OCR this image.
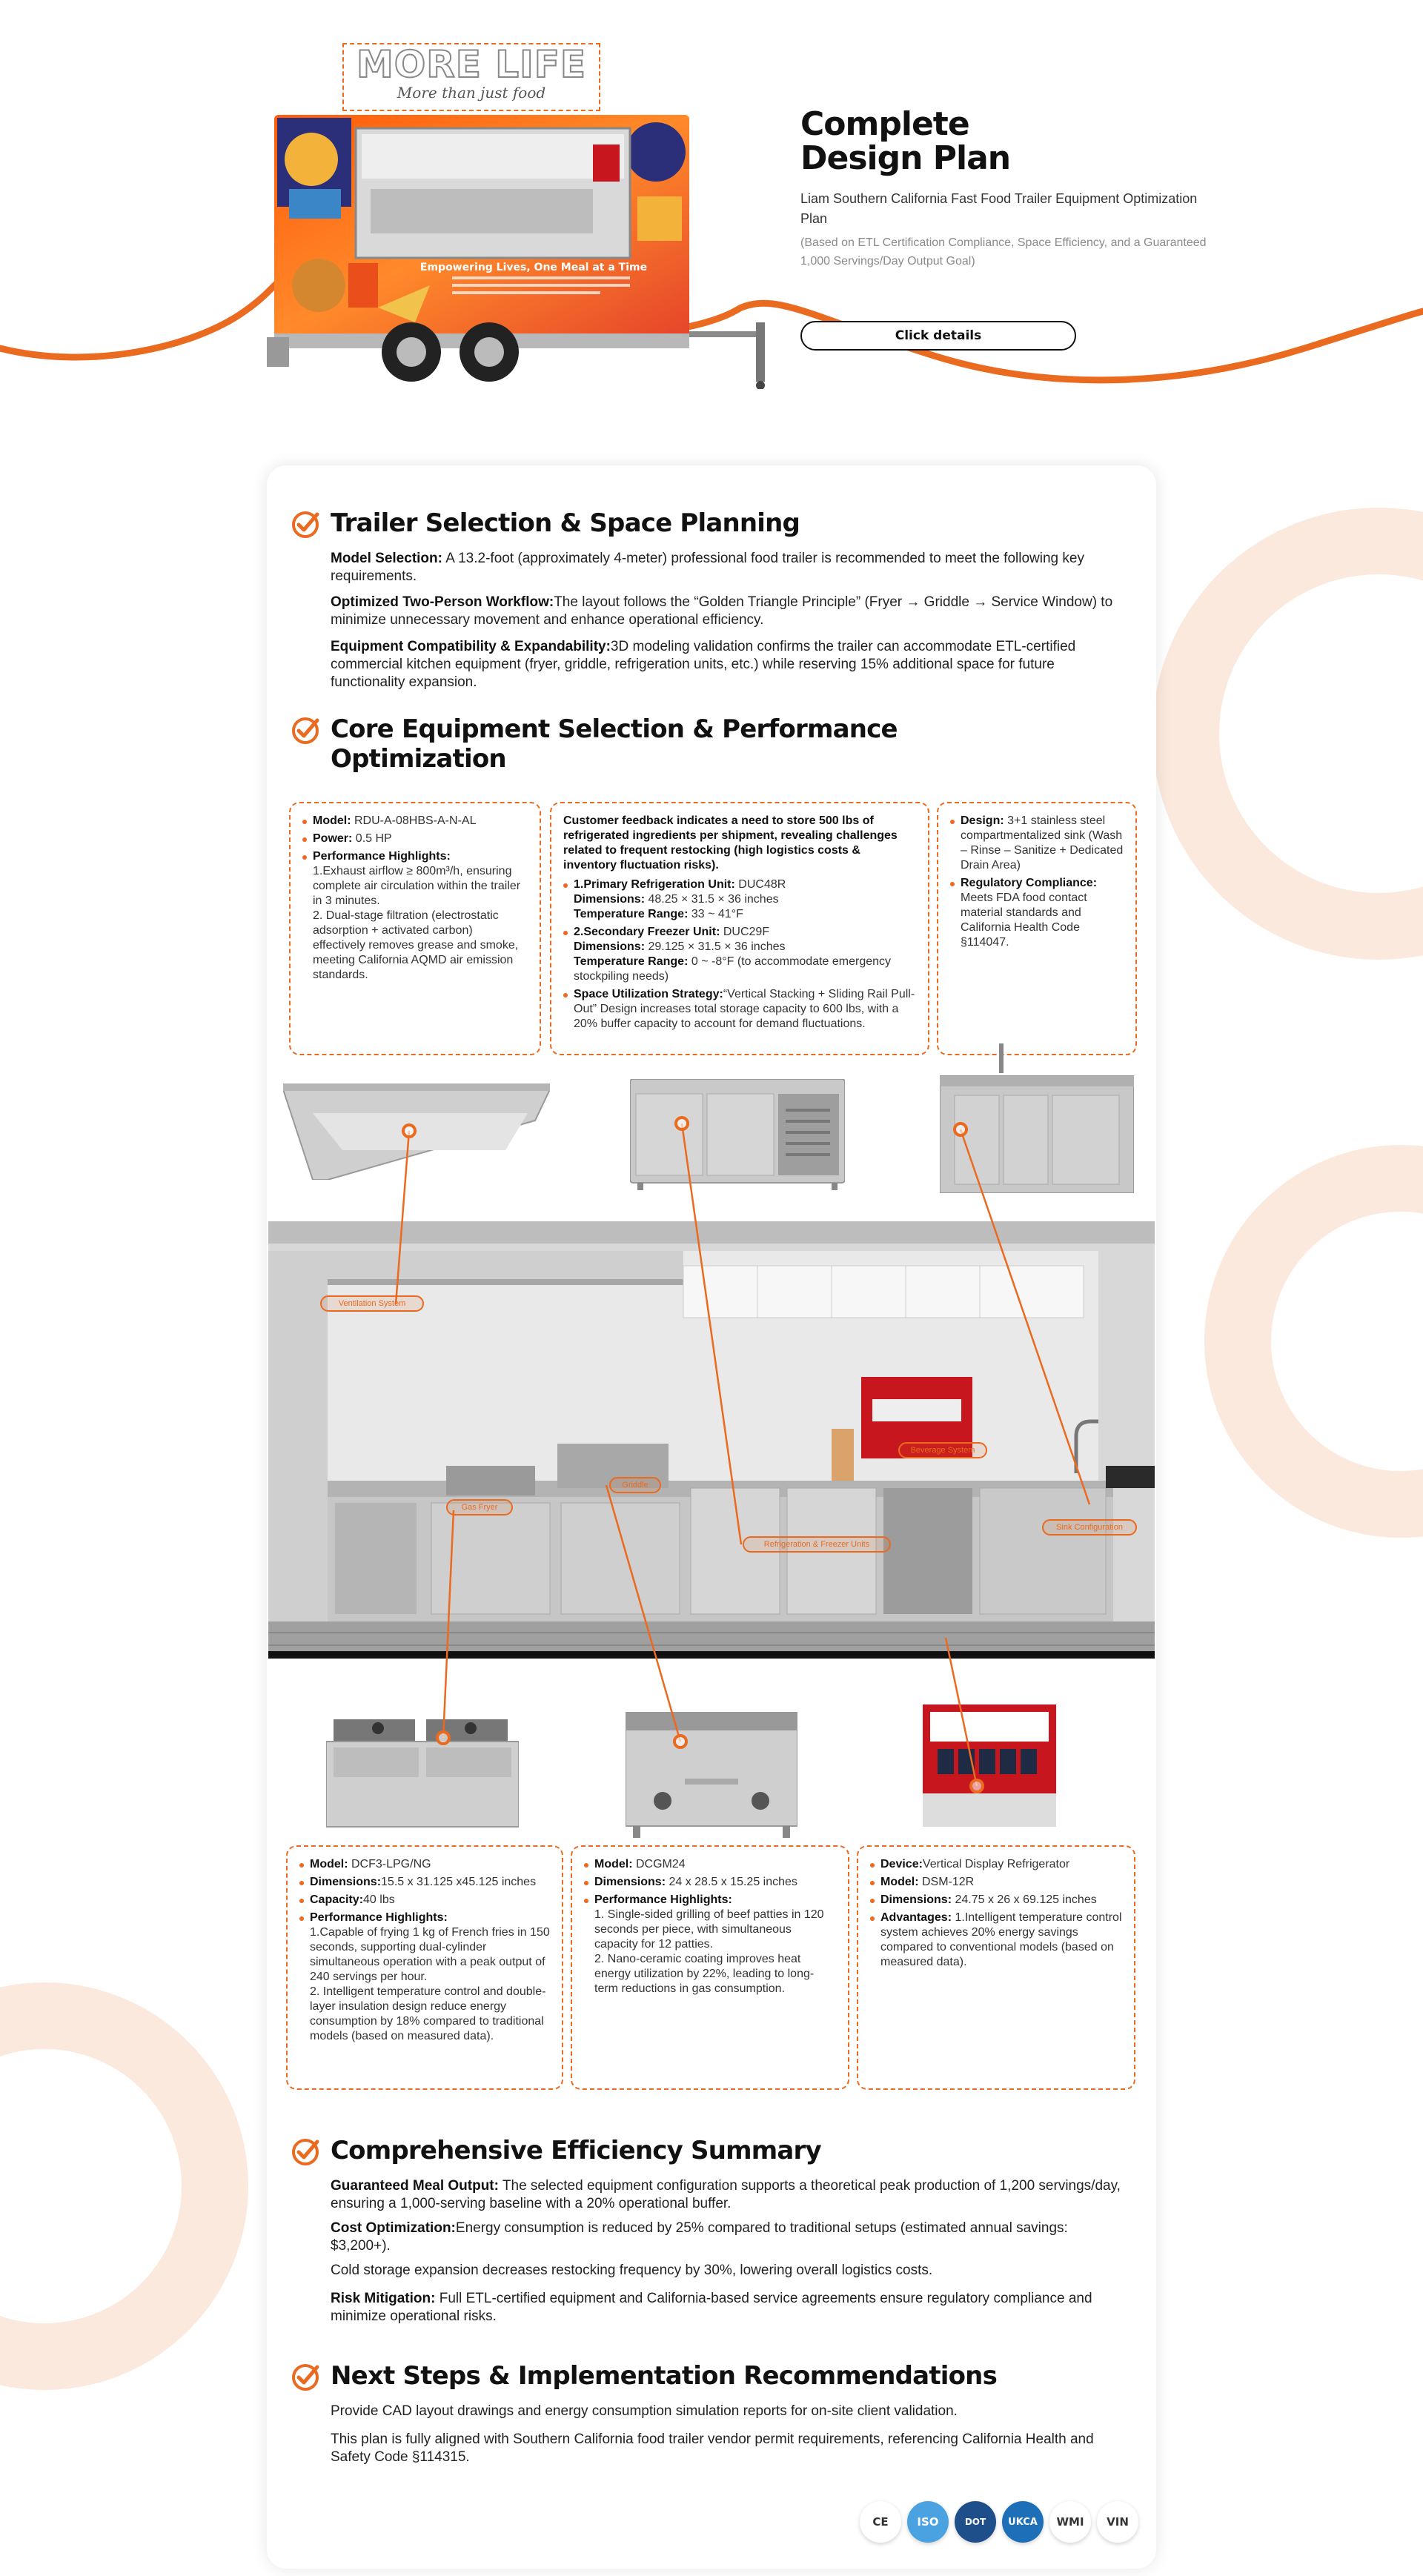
Empowering Lives, One Meal at a Time
MORE LIFE
More than just food
Complete
Design Plan
Liam Southern California Fast Food Trailer Equipment Optimization Plan
(Based on ETL Certification Compliance, Space Efficiency, and a Guaranteed 1,000 Servings/Day Output Goal)
Click details
Trailer Selection & Space Planning
Model Selection: A 13.2-foot (approximately 4-meter) professional food trailer is recommended to meet the following key requirements.
Optimized Two-Person Workflow:The layout follows the “Golden Triangle Principle” (Fryer → Griddle → Service Window) to minimize unnecessary movement and enhance operational efficiency.
Equipment Compatibility & Expandability:3D modeling validation confirms the trailer can accommodate ETL-certified commercial kitchen equipment (fryer, griddle, refrigeration units, etc.) while reserving 15% additional space for future functionality expansion.
Core Equipment Selection & Performance
Optimization
Model: RDU-A-08HBS-A-N-AL
Power: 0.5 HP
Performance Highlights:
1.Exhaust airflow ≥ 800m³/h, ensuring complete air circulation within the trailer in 3 minutes.
2. Dual-stage filtration (electrostatic adsorption + activated carbon) effectively removes grease and smoke, meeting California AQMD air emission standards.
Customer feedback indicates a need to store 500 lbs of refrigerated ingredients per shipment, revealing challenges related to frequent restocking (high logistics costs & inventory fluctuation risks).
1.Primary Refrigeration Unit: DUC48R
Dimensions: 48.25 × 31.5 × 36 inches
Temperature Range: 33 ~ 41°F
2.Secondary Freezer Unit: DUC29F
Dimensions: 29.125 × 31.5 × 36 inches
Temperature Range: 0 ~ -8°F (to accommodate emergency stockpiling needs)
Space Utilization Strategy:“Vertical Stacking + Sliding Rail Pull-Out” Design increases total storage capacity to 600 lbs, with a 20% buffer capacity to account for demand fluctuations.
Design: 3+1 stainless steel compartmentalized sink (Wash – Rinse – Sanitize + Dedicated Drain Area)
Regulatory Compliance: Meets FDA food contact material standards and California Health Code §114047.
Ventilation System
Gas Fryer
Griddle
Refrigeration & Freezer Units
Beverage System
Sink Configuration
Model: DCF3-LPG/NG
Dimensions:15.5 x 31.125 x45.125 inches
Capacity:40 lbs
Performance Highlights:
1.Capable of frying 1 kg of French fries in 150 seconds, supporting dual-cylinder simultaneous operation with a peak output of 240 servings per hour.
2. Intelligent temperature control and double-layer insulation design reduce energy consumption by 18% compared to traditional models (based on measured data).
Model: DCGM24
Dimensions: 24 x 28.5 x 15.25 inches
Performance Highlights:
1. Single-sided grilling of beef patties in 120 seconds per piece, with simultaneous capacity for 12 patties.
2. Nano-ceramic coating improves heat energy utilization by 22%, leading to long-term reductions in gas consumption.
Device:Vertical Display Refrigerator
Model: DSM-12R
Dimensions: 24.75 x 26 x 69.125 inches
Advantages: 1.Intelligent temperature control system achieves 20% energy savings compared to conventional models (based on measured data).
Comprehensive Efficiency Summary
Guaranteed Meal Output: The selected equipment configuration supports a theoretical peak production of 1,200 servings/day, ensuring a 1,000-serving baseline with a 20% operational buffer.
Cost Optimization:Energy consumption is reduced by 25% compared to traditional setups (estimated annual savings: $3,200+).
Cold storage expansion decreases restocking frequency by 30%, lowering overall logistics costs.
Risk Mitigation: Full ETL-certified equipment and California-based service agreements ensure regulatory compliance and minimize operational risks.
Next Steps & Implementation Recommendations
Provide CAD layout drawings and energy consumption simulation reports for on-site client validation.
This plan is fully aligned with Southern California food trailer vendor permit requirements, referencing California Health and Safety Code §114315.
CE	ISO	DOT	UKCA	WMI	VIN
